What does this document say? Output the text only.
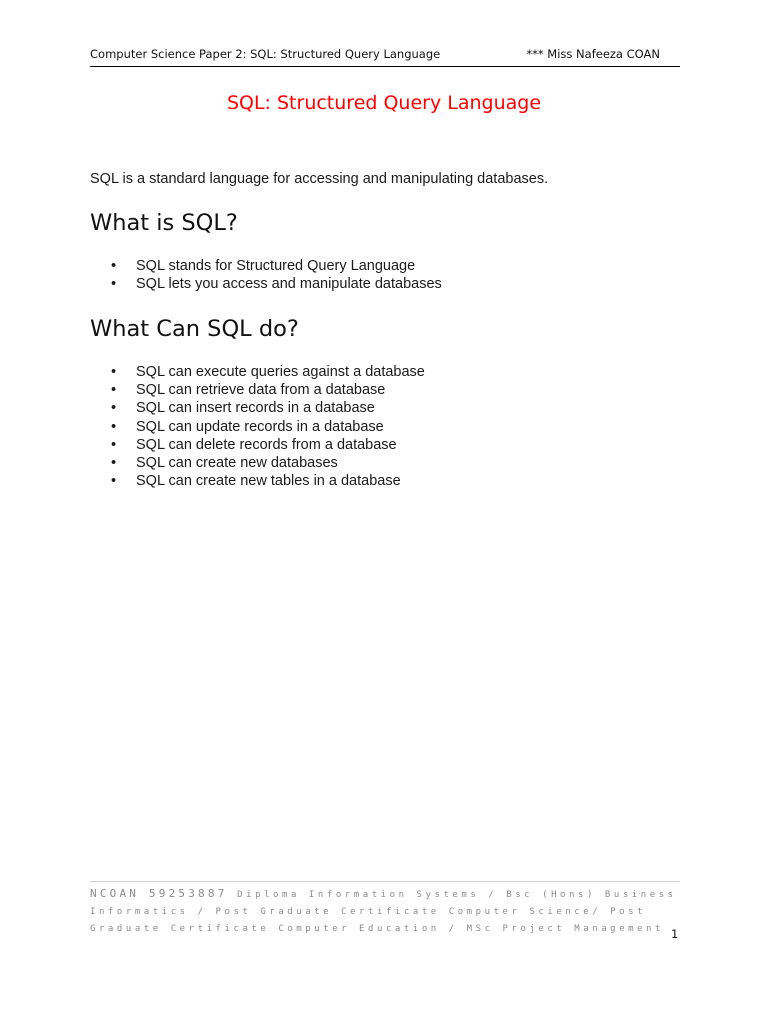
Computer Science Paper 2: SQL: Structured Query Language	*** Miss Nafeeza COAN
SQL: Structured Query Language

SQL is a standard language for accessing and manipulating databases.

What is SQL?
• SQL stands for Structured Query Language
• SQL lets you access and manipulate databases
What Can SQL do?
• SQL can execute queries against a database
• SQL can retrieve data from a database
• SQL can insert records in a database
• SQL can update records in a database
• SQL can delete records from a database
• SQL can create new databases
• SQL can create new tables in a database
NCOAN 59253887 Diploma Information Systems / Bsc (Hons) Business Informatics / Post Graduate Certificate Computer Science/ Post Graduate Certificate Computer Education / MSc Project Management 1
